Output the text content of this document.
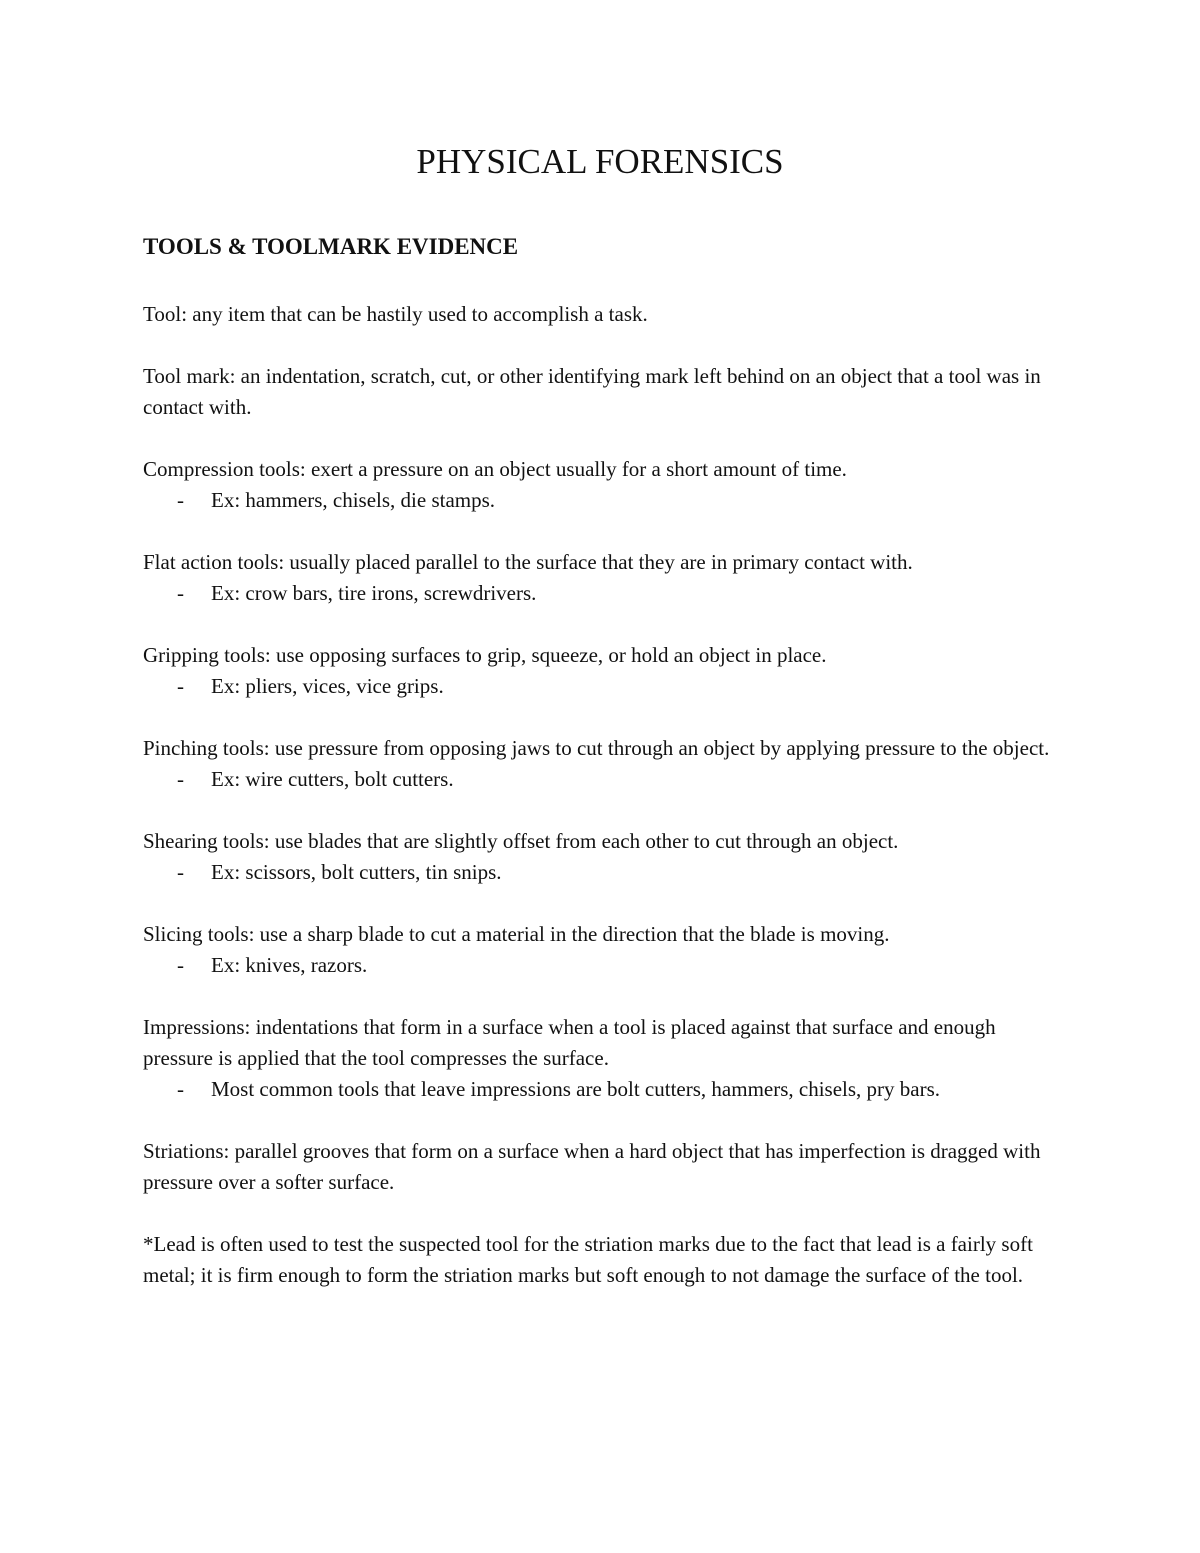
PHYSICAL FORENSICS
TOOLS & TOOLMARK EVIDENCE

Tool: any item that can be hastily used to accomplish a task.

Tool mark: an indentation, scratch, cut, or other identifying mark left behind on an object that a tool was in contact with.

Compression tools: exert a pressure on an object usually for a short amount of time.

- Ex: hammers, chisels, die stamps.

Flat action tools: usually placed parallel to the surface that they are in primary contact with.

- Ex: crow bars, tire irons, screwdrivers.

Gripping tools: use opposing surfaces to grip, squeeze, or hold an object in place.

- Ex: pliers, vices, vice grips.

Pinching tools: use pressure from opposing jaws to cut through an object by applying pressure to the object.

- Ex: wire cutters, bolt cutters.

Shearing tools: use blades that are slightly offset from each other to cut through an object.

- Ex: scissors, bolt cutters, tin snips.

Slicing tools: use a sharp blade to cut a material in the direction that the blade is moving.

- Ex: knives, razors.

Impressions: indentations that form in a surface when a tool is placed against that surface and enough pressure is applied that the tool compresses the surface.

- Most common tools that leave impressions are bolt cutters, hammers, chisels, pry bars.

Striations: parallel grooves that form on a surface when a hard object that has imperfection is dragged with pressure over a softer surface.

*Lead is often used to test the suspected tool for the striation marks due to the fact that lead is a fairly soft metal; it is firm enough to form the striation marks but soft enough to not damage the surface of the tool.
